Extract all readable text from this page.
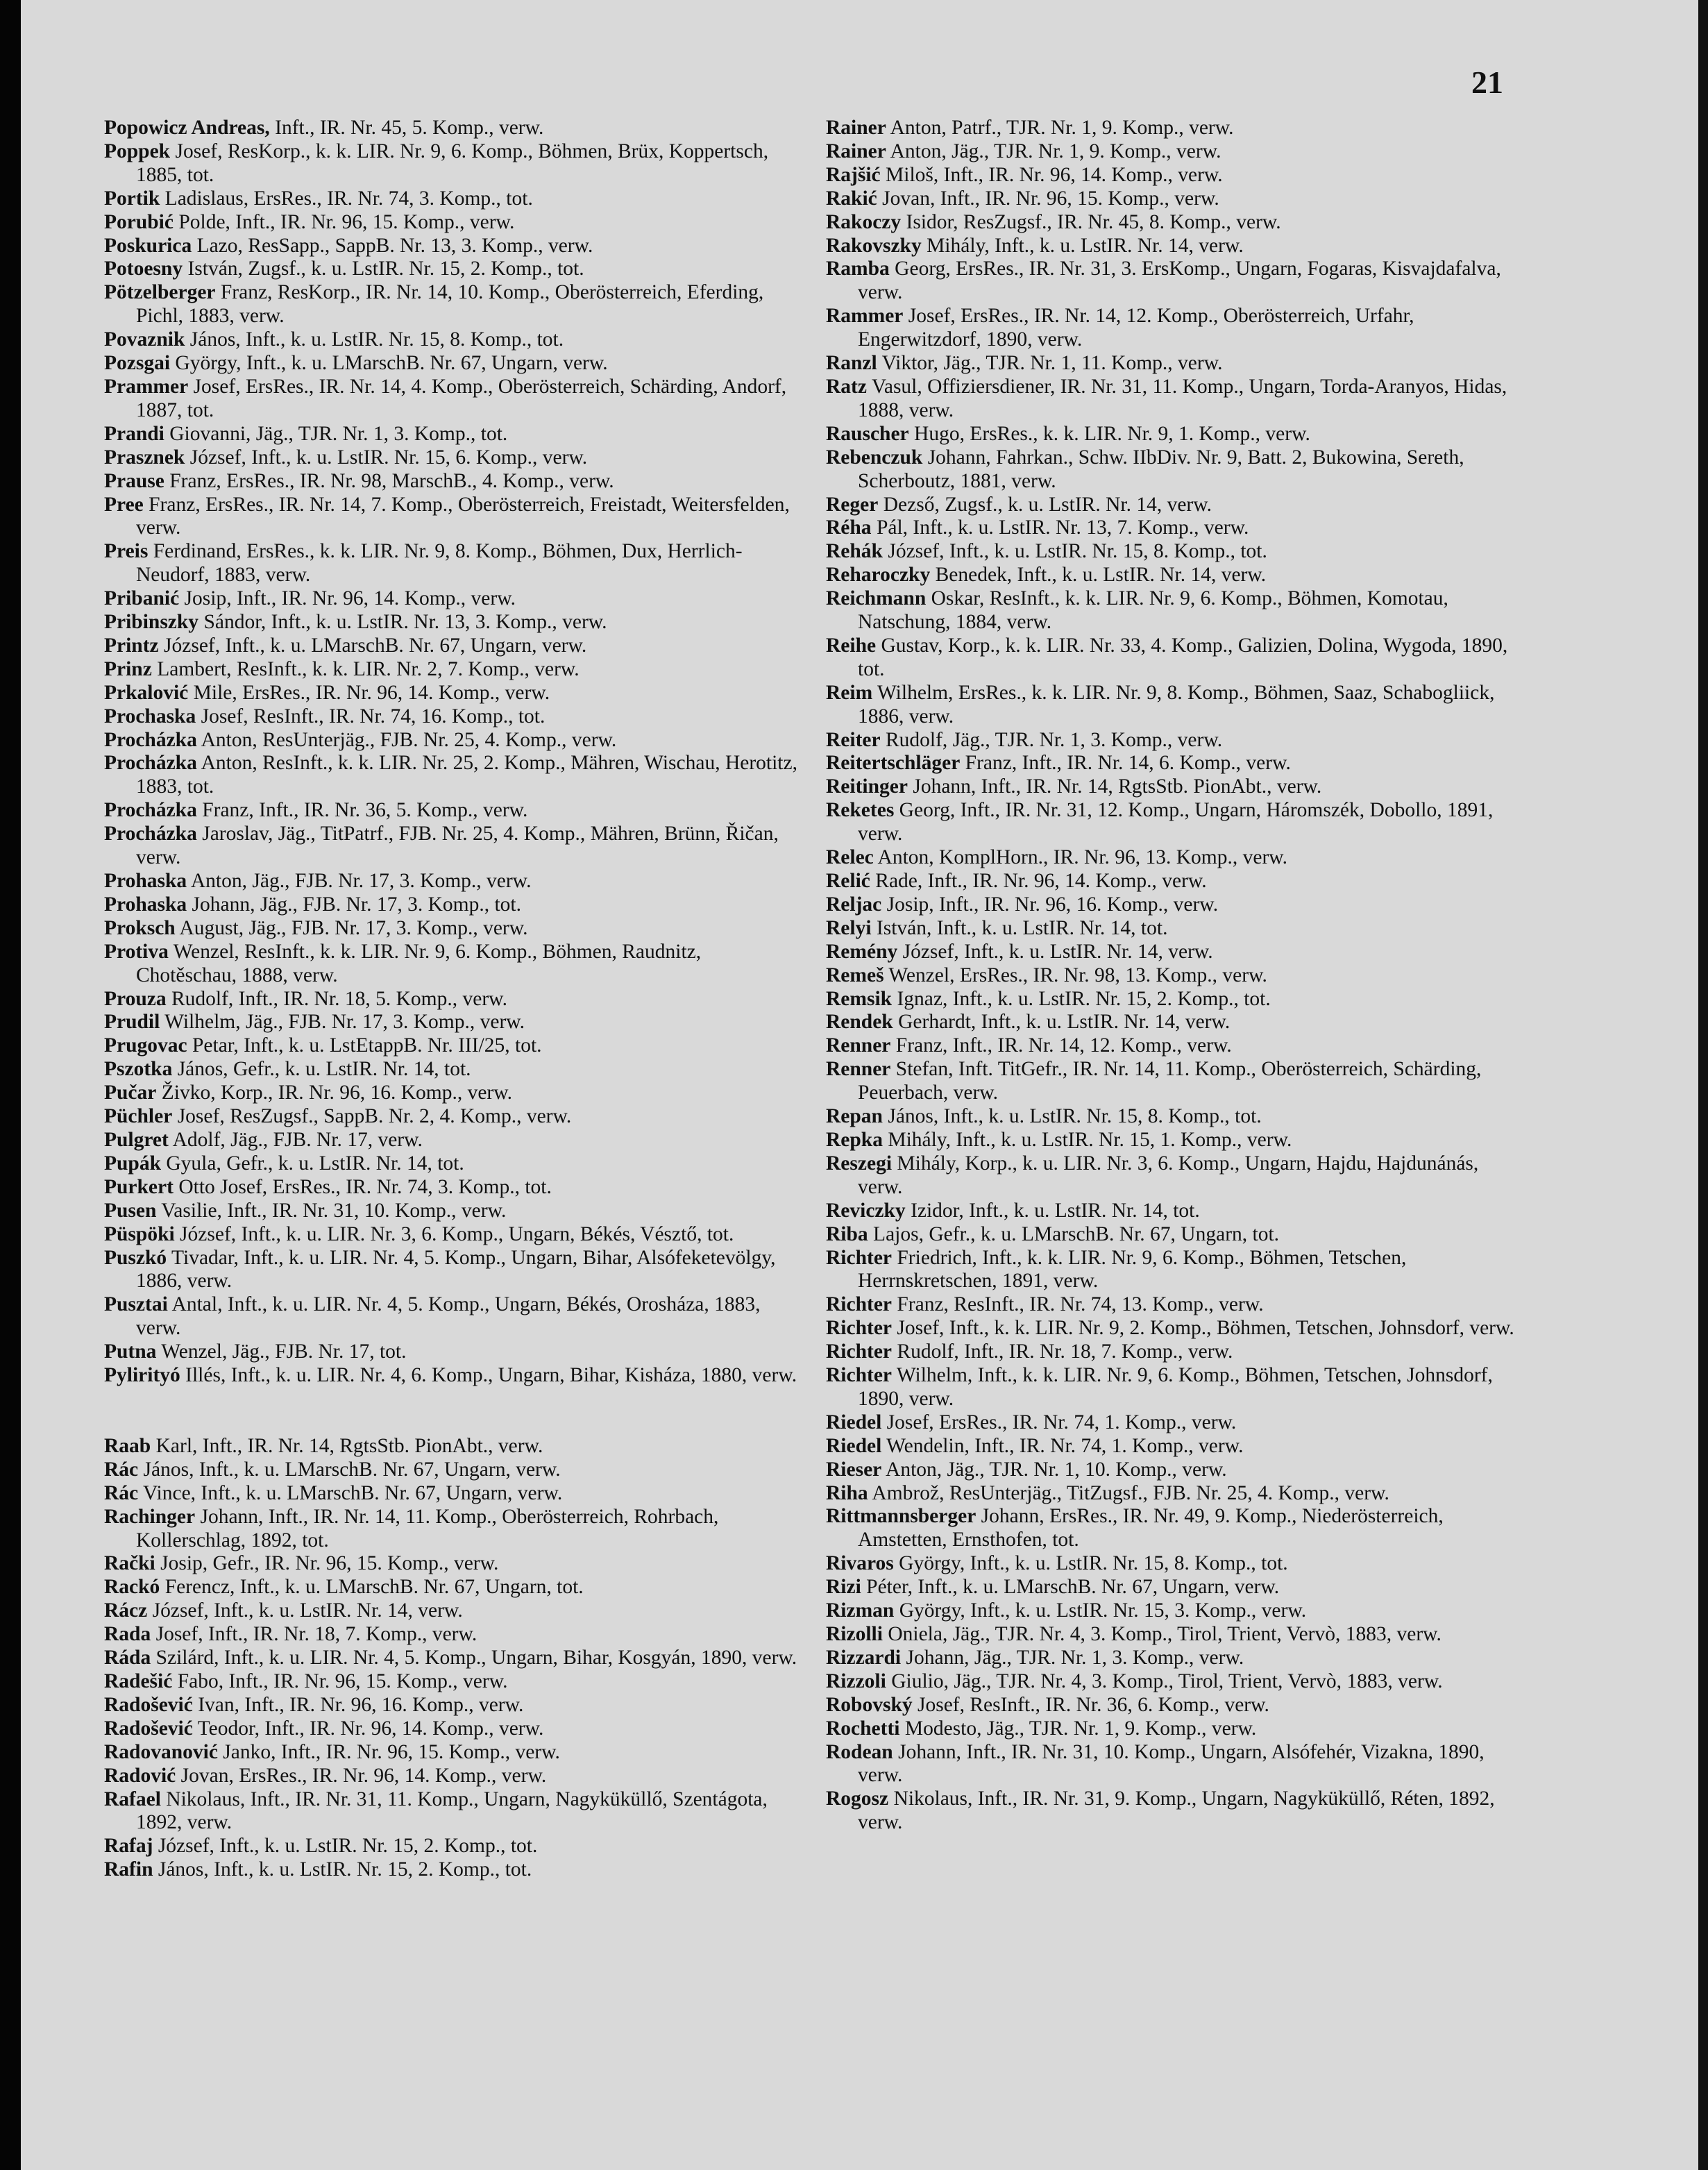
21
Popowicz Andreas, Inft., IR. Nr. 45, 5. Komp., verw.
Poppek Josef, ResKorp., k. k. LIR. Nr. 9, 6. Komp., Böhmen, Brüx, Koppertsch, 1885, tot.
Portik Ladislaus, ErsRes., IR. Nr. 74, 3. Komp., tot.
Porubić Polde, Inft., IR. Nr. 96, 15. Komp., verw.
Poskurica Lazo, ResSapp., SappB. Nr. 13, 3. Komp., verw.
Potoesny István, Zugsf., k. u. LstIR. Nr. 15, 2. Komp., tot.
Pötzelberger Franz, ResKorp., IR. Nr. 14, 10. Komp., Oberösterreich, Eferding, Pichl, 1883, verw.
Povaznik János, Inft., k. u. LstIR. Nr. 15, 8. Komp., tot.
Pozsgai György, Inft., k. u. LMarschB. Nr. 67, Ungarn, verw.
Prammer Josef, ErsRes., IR. Nr. 14, 4. Komp., Oberösterreich, Schärding, Andorf, 1887, tot.
Prandi Giovanni, Jäg., TJR. Nr. 1, 3. Komp., tot.
Prasznek József, Inft., k. u. LstIR. Nr. 15, 6. Komp., verw.
Prause Franz, ErsRes., IR. Nr. 98, MarschB., 4. Komp., verw.
Pree Franz, ErsRes., IR. Nr. 14, 7. Komp., Oberösterreich, Freistadt, Weitersfelden, verw.
Preis Ferdinand, ErsRes., k. k. LIR. Nr. 9, 8. Komp., Böhmen, Dux, Herrlich-Neudorf, 1883, verw.
Pribanić Josip, Inft., IR. Nr. 96, 14. Komp., verw.
Pribinszky Sándor, Inft., k. u. LstIR. Nr. 13, 3. Komp., verw.
Printz József, Inft., k. u. LMarschB. Nr. 67, Ungarn, verw.
Prinz Lambert, ResInft., k. k. LIR. Nr. 2, 7. Komp., verw.
Prkalović Mile, ErsRes., IR. Nr. 96, 14. Komp., verw.
Prochaska Josef, ResInft., IR. Nr. 74, 16. Komp., tot.
Procházka Anton, ResUnterjäg., FJB. Nr. 25, 4. Komp., verw.
Procházka Anton, ResInft., k. k. LIR. Nr. 25, 2. Komp., Mähren, Wischau, Herotitz, 1883, tot.
Procházka Franz, Inft., IR. Nr. 36, 5. Komp., verw.
Procházka Jaroslav, Jäg., TitPatrf., FJB. Nr. 25, 4. Komp., Mähren, Brünn, Řičan, verw.
Prohaska Anton, Jäg., FJB. Nr. 17, 3. Komp., verw.
Prohaska Johann, Jäg., FJB. Nr. 17, 3. Komp., tot.
Proksch August, Jäg., FJB. Nr. 17, 3. Komp., verw.
Protiva Wenzel, ResInft., k. k. LIR. Nr. 9, 6. Komp., Böhmen, Raudnitz, Chotěschau, 1888, verw.
Prouza Rudolf, Inft., IR. Nr. 18, 5. Komp., verw.
Prudil Wilhelm, Jäg., FJB. Nr. 17, 3. Komp., verw.
Prugovac Petar, Inft., k. u. LstEtappB. Nr. III/25, tot.
Pszotka János, Gefr., k. u. LstIR. Nr. 14, tot.
Pučar Živko, Korp., IR. Nr. 96, 16. Komp., verw.
Püchler Josef, ResZugsf., SappB. Nr. 2, 4. Komp., verw.
Pulgret Adolf, Jäg., FJB. Nr. 17, verw.
Pupák Gyula, Gefr., k. u. LstIR. Nr. 14, tot.
Purkert Otto Josef, ErsRes., IR. Nr. 74, 3. Komp., tot.
Pusen Vasilie, Inft., IR. Nr. 31, 10. Komp., verw.
Püspöki József, Inft., k. u. LIR. Nr. 3, 6. Komp., Ungarn, Békés, Vésztő, tot.
Puszkó Tivadar, Inft., k. u. LIR. Nr. 4, 5. Komp., Ungarn, Bihar, Alsófeketevölgy, 1886, verw.
Pusztai Antal, Inft., k. u. LIR. Nr. 4, 5. Komp., Ungarn, Békés, Orosháza, 1883, verw.
Putna Wenzel, Jäg., FJB. Nr. 17, tot.
Pylirityó Illés, Inft., k. u. LIR. Nr. 4, 6. Komp., Ungarn, Bihar, Kisháza, 1880, verw.
Raab Karl, Inft., IR. Nr. 14, RgtsStb. PionAbt., verw.
Rác János, Inft., k. u. LMarschB. Nr. 67, Ungarn, verw.
Rác Vince, Inft., k. u. LMarschB. Nr. 67, Ungarn, verw.
Rachinger Johann, Inft., IR. Nr. 14, 11. Komp., Oberösterreich, Rohrbach, Kollerschlag, 1892, tot.
Rački Josip, Gefr., IR. Nr. 96, 15. Komp., verw.
Rackó Ferencz, Inft., k. u. LMarschB. Nr. 67, Ungarn, tot.
Rácz József, Inft., k. u. LstIR. Nr. 14, verw.
Rada Josef, Inft., IR. Nr. 18, 7. Komp., verw.
Ráda Szilárd, Inft., k. u. LIR. Nr. 4, 5. Komp., Ungarn, Bihar, Kosgyán, 1890, verw.
Radešić Fabo, Inft., IR. Nr. 96, 15. Komp., verw.
Radošević Ivan, Inft., IR. Nr. 96, 16. Komp., verw.
Radošević Teodor, Inft., IR. Nr. 96, 14. Komp., verw.
Radovanović Janko, Inft., IR. Nr. 96, 15. Komp., verw.
Radović Jovan, ErsRes., IR. Nr. 96, 14. Komp., verw.
Rafael Nikolaus, Inft., IR. Nr. 31, 11. Komp., Ungarn, Nagyküküllő, Szentágota, 1892, verw.
Rafaj József, Inft., k. u. LstIR. Nr. 15, 2. Komp., tot.
Rafin János, Inft., k. u. LstIR. Nr. 15, 2. Komp., tot.
Rainer Anton, Patrf., TJR. Nr. 1, 9. Komp., verw.
Rainer Anton, Jäg., TJR. Nr. 1, 9. Komp., verw.
Rajšić Miloš, Inft., IR. Nr. 96, 14. Komp., verw.
Rakić Jovan, Inft., IR. Nr. 96, 15. Komp., verw.
Rakoczy Isidor, ResZugsf., IR. Nr. 45, 8. Komp., verw.
Rakovszky Mihály, Inft., k. u. LstIR. Nr. 14, verw.
Ramba Georg, ErsRes., IR. Nr. 31, 3. ErsKomp., Ungarn, Fogaras, Kisvajdafalva, verw.
Rammer Josef, ErsRes., IR. Nr. 14, 12. Komp., Oberösterreich, Urfahr, Engerwitzdorf, 1890, verw.
Ranzl Viktor, Jäg., TJR. Nr. 1, 11. Komp., verw.
Ratz Vasul, Offiziersdiener, IR. Nr. 31, 11. Komp., Ungarn, Torda-Aranyos, Hidas, 1888, verw.
Rauscher Hugo, ErsRes., k. k. LIR. Nr. 9, 1. Komp., verw.
Rebenczuk Johann, Fahrkan., Schw. IIbDiv. Nr. 9, Batt. 2, Bukowina, Sereth, Scherboutz, 1881, verw.
Reger Dezső, Zugsf., k. u. LstIR. Nr. 14, verw.
Réha Pál, Inft., k. u. LstIR. Nr. 13, 7. Komp., verw.
Rehák József, Inft., k. u. LstIR. Nr. 15, 8. Komp., tot.
Reharoczky Benedek, Inft., k. u. LstIR. Nr. 14, verw.
Reichmann Oskar, ResInft., k. k. LIR. Nr. 9, 6. Komp., Böhmen, Komotau, Natschung, 1884, verw.
Reihe Gustav, Korp., k. k. LIR. Nr. 33, 4. Komp., Galizien, Dolina, Wygoda, 1890, tot.
Reim Wilhelm, ErsRes., k. k. LIR. Nr. 9, 8. Komp., Böhmen, Saaz, Schabogliick, 1886, verw.
Reiter Rudolf, Jäg., TJR. Nr. 1, 3. Komp., verw.
Reitertschläger Franz, Inft., IR. Nr. 14, 6. Komp., verw.
Reitinger Johann, Inft., IR. Nr. 14, RgtsStb. PionAbt., verw.
Reketes Georg, Inft., IR. Nr. 31, 12. Komp., Ungarn, Háromszék, Dobollo, 1891, verw.
Relec Anton, KomplHorn., IR. Nr. 96, 13. Komp., verw.
Relić Rade, Inft., IR. Nr. 96, 14. Komp., verw.
Reljac Josip, Inft., IR. Nr. 96, 16. Komp., verw.
Relyi István, Inft., k. u. LstIR. Nr. 14, tot.
Remény József, Inft., k. u. LstIR. Nr. 14, verw.
Remeš Wenzel, ErsRes., IR. Nr. 98, 13. Komp., verw.
Remsik Ignaz, Inft., k. u. LstIR. Nr. 15, 2. Komp., tot.
Rendek Gerhardt, Inft., k. u. LstIR. Nr. 14, verw.
Renner Franz, Inft., IR. Nr. 14, 12. Komp., verw.
Renner Stefan, Inft. TitGefr., IR. Nr. 14, 11. Komp., Oberösterreich, Schärding, Peuerbach, verw.
Repan János, Inft., k. u. LstIR. Nr. 15, 8. Komp., tot.
Repka Mihály, Inft., k. u. LstIR. Nr. 15, 1. Komp., verw.
Reszegi Mihály, Korp., k. u. LIR. Nr. 3, 6. Komp., Ungarn, Hajdu, Hajdunánás, verw.
Reviczky Izidor, Inft., k. u. LstIR. Nr. 14, tot.
Riba Lajos, Gefr., k. u. LMarschB. Nr. 67, Ungarn, tot.
Richter Friedrich, Inft., k. k. LIR. Nr. 9, 6. Komp., Böhmen, Tetschen, Herrnskretschen, 1891, verw.
Richter Franz, ResInft., IR. Nr. 74, 13. Komp., verw.
Richter Josef, Inft., k. k. LIR. Nr. 9, 2. Komp., Böhmen, Tetschen, Johnsdorf, verw.
Richter Rudolf, Inft., IR. Nr. 18, 7. Komp., verw.
Richter Wilhelm, Inft., k. k. LIR. Nr. 9, 6. Komp., Böhmen, Tetschen, Johnsdorf, 1890, verw.
Riedel Josef, ErsRes., IR. Nr. 74, 1. Komp., verw.
Riedel Wendelin, Inft., IR. Nr. 74, 1. Komp., verw.
Rieser Anton, Jäg., TJR. Nr. 1, 10. Komp., verw.
Riha Ambrož, ResUnterjäg., TitZugsf., FJB. Nr. 25, 4. Komp., verw.
Rittmannsberger Johann, ErsRes., IR. Nr. 49, 9. Komp., Niederösterreich, Amstetten, Ernsthofen, tot.
Rivaros György, Inft., k. u. LstIR. Nr. 15, 8. Komp., tot.
Rizi Péter, Inft., k. u. LMarschB. Nr. 67, Ungarn, verw.
Rizman György, Inft., k. u. LstIR. Nr. 15, 3. Komp., verw.
Rizolli Oniela, Jäg., TJR. Nr. 4, 3. Komp., Tirol, Trient, Vervò, 1883, verw.
Rizzardi Johann, Jäg., TJR. Nr. 1, 3. Komp., verw.
Rizzoli Giulio, Jäg., TJR. Nr. 4, 3. Komp., Tirol, Trient, Vervò, 1883, verw.
Robovský Josef, ResInft., IR. Nr. 36, 6. Komp., verw.
Rochetti Modesto, Jäg., TJR. Nr. 1, 9. Komp., verw.
Rodean Johann, Inft., IR. Nr. 31, 10. Komp., Ungarn, Alsófehér, Vizakna, 1890, verw.
Rogosz Nikolaus, Inft., IR. Nr. 31, 9. Komp., Ungarn, Nagyküküllő, Réten, 1892, verw.
